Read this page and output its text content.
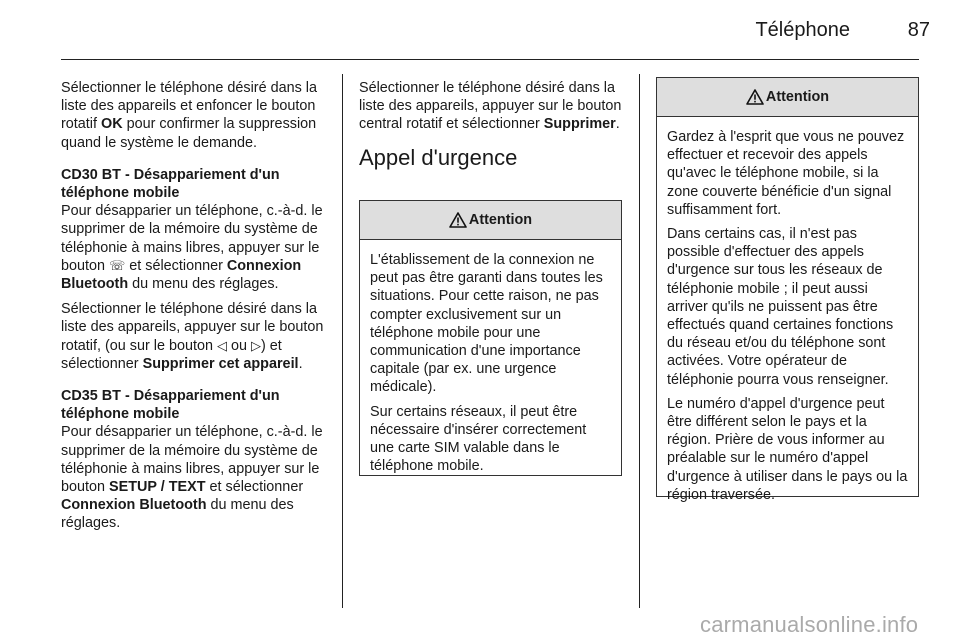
Téléphone	87

Sélectionner le téléphone désiré dans la liste des appareils et enfoncer le bouton rotatif OK pour confirmer la suppression quand le système le demande.

CD30 BT - Désappariement d'un téléphone mobile
Pour désapparier un téléphone, c.-à-d. le supprimer de la mémoire du système de téléphonie à mains libres, appuyer sur le bouton ☏ et sélectionner Connexion Bluetooth du menu des réglages.

Sélectionner le téléphone désiré dans la liste des appareils, appuyer sur le bouton rotatif, (ou sur le bouton ◁ ou ▷) et sélectionner Supprimer cet appareil.

CD35 BT - Désappariement d'un téléphone mobile
Pour désapparier un téléphone, c.-à-d. le supprimer de la mémoire du système de téléphonie à mains libres, appuyer sur le bouton SETUP / TEXT et sélectionner Connexion Bluetooth du menu des réglages.

Sélectionner le téléphone désiré dans la liste des appareils, appuyer sur le bouton central rotatif et sélectionner Supprimer.

Appel d'urgence
Attention

L'établissement de la connexion ne peut pas être garanti dans toutes les situations. Pour cette raison, ne pas compter exclusivement sur un téléphone mobile pour une communication d'une importance capitale (par ex. une urgence médicale).

Sur certains réseaux, il peut être nécessaire d'insérer correctement une carte SIM valable dans le téléphone mobile.

Attention

Gardez à l'esprit que vous ne pouvez effectuer et recevoir des appels qu'avec le téléphone mobile, si la zone couverte bénéficie d'un signal suffisamment fort.

Dans certains cas, il n'est pas possible d'effectuer des appels d'urgence sur tous les réseaux de téléphonie mobile ; il peut aussi arriver qu'ils ne puissent pas être effectués quand certaines fonctions du réseau et/ou du téléphone sont activées. Votre opérateur de téléphonie pourra vous renseigner.

Le numéro d'appel d'urgence peut être différent selon le pays et la région. Prière de vous informer au préalable sur le numéro d'appel d'urgence à utiliser dans le pays ou la région traversée.

carmanualsonline.info
